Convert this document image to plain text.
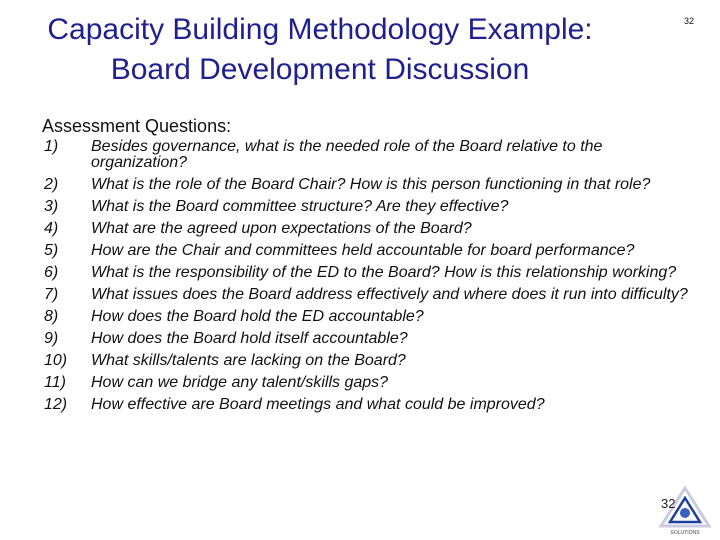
Capacity Building Methodology Example:
Board Development Discussion
32
Assessment Questions:
1)	Besides governance, what is the needed role of the Board relative to the organization?
2)	What is the role of the Board Chair? How is this person functioning in that role?
3)	What is the Board committee structure? Are they effective?
4)	What are the agreed upon expectations of the Board?
5)	How are the Chair and committees held accountable for board performance?
6)	What is the responsibility of the ED to the Board? How is this relationship working?
7)	What issues does the Board address effectively and where does it run into difficulty?
8)	How does the Board hold the ED accountable?
9)	How does the Board hold itself accountable?
10)	What skills/talents are lacking on the Board?
11)	How can we bridge any talent/skills gaps?
12)	How effective are Board meetings and what could be improved?
SOLUTIONS
32
